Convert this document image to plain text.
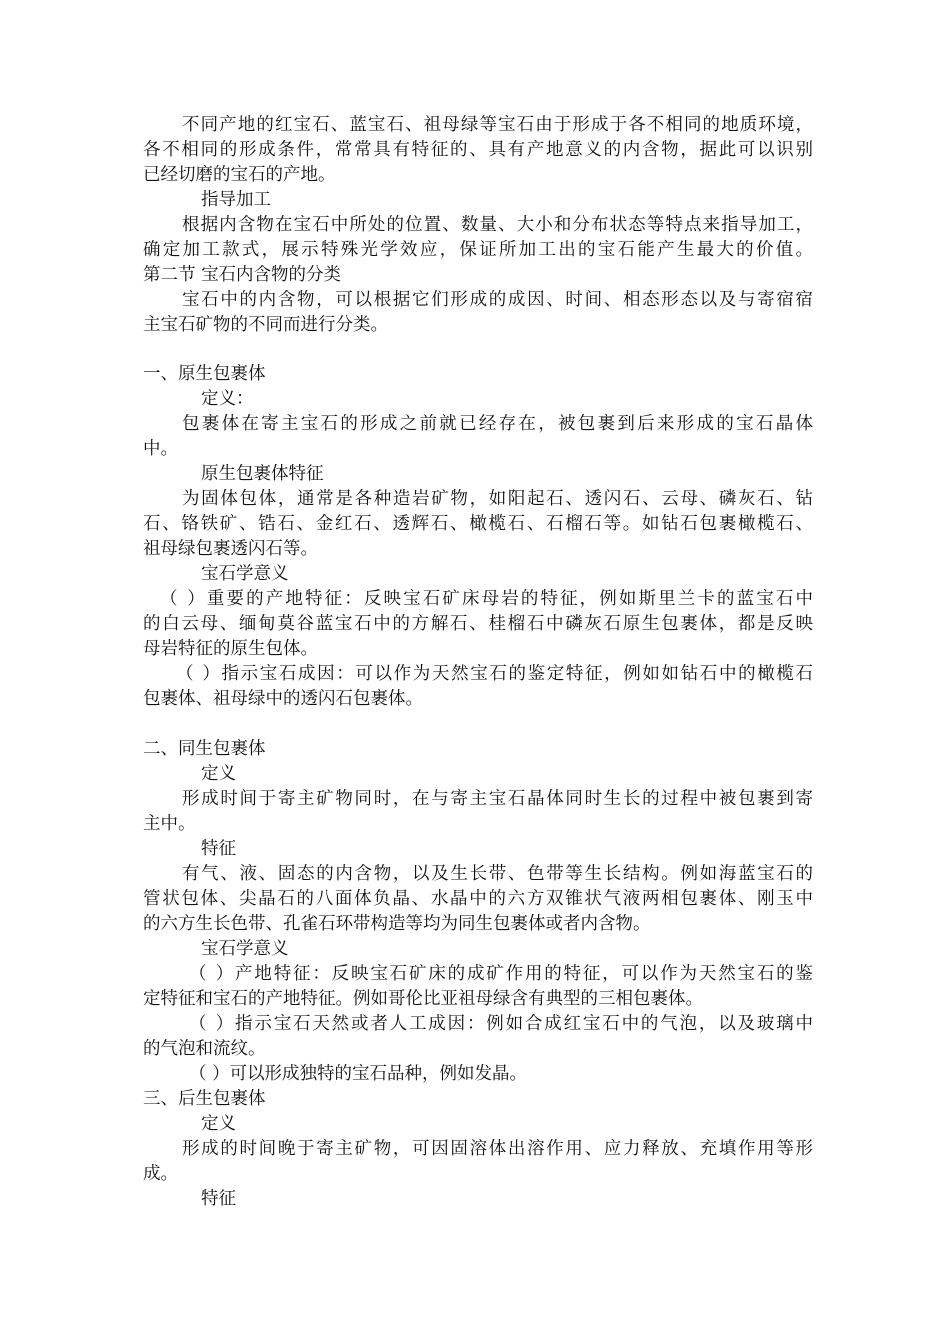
不同产地的红宝石、蓝宝石、祖母绿等宝石由于形成于各不相同的地质环境，
各不相同的形成条件，常常具有特征的、具有产地意义的内含物，据此可以识别
已经切磨的宝石的产地。
指导加工
根据内含物在宝石中所处的位置、数量、大小和分布状态等特点来指导加工，
确定加工款式，展示特殊光学效应，保证所加工出的宝石能产生最大的价值。
第二节 宝石内含物的分类
宝石中的内含物，可以根据它们形成的成因、时间、相态形态以及与寄宿宿
主宝石矿物的不同而进行分类。
一、原生包裹体
定义：
包裹体在寄主宝石的形成之前就已经存在，被包裹到后来形成的宝石晶体
中。
原生包裹体特征
为固体包体，通常是各种造岩矿物，如阳起石、透闪石、云母、磷灰石、钻
石、铬铁矿、锆石、金红石、透辉石、橄榄石、石榴石等。如钻石包裹橄榄石、
祖母绿包裹透闪石等。
宝石学意义
（ ）重要的产地特征：反映宝石矿床母岩的特征，例如斯里兰卡的蓝宝石中
的白云母、缅甸莫谷蓝宝石中的方解石、桂榴石中磷灰石原生包裹体，都是反映
母岩特征的原生包体。
（ ）指示宝石成因：可以作为天然宝石的鉴定特征，例如如钻石中的橄榄石
包裹体、祖母绿中的透闪石包裹体。
二、同生包裹体
定义
形成时间于寄主矿物同时，在与寄主宝石晶体同时生长的过程中被包裹到寄
主中。
特征
有气、液、固态的内含物，以及生长带、色带等生长结构。例如海蓝宝石的
管状包体、尖晶石的八面体负晶、水晶中的六方双锥状气液两相包裹体、刚玉中
的六方生长色带、孔雀石环带构造等均为同生包裹体或者内含物。
宝石学意义
（ ）产地特征：反映宝石矿床的成矿作用的特征，可以作为天然宝石的鉴
定特征和宝石的产地特征。例如哥伦比亚祖母绿含有典型的三相包裹体。
（ ）指示宝石天然或者人工成因：例如合成红宝石中的气泡，以及玻璃中
的气泡和流纹。
（ ）可以形成独特的宝石品种，例如发晶。
三、后生包裹体
定义
形成的时间晚于寄主矿物，可因固溶体出溶作用、应力释放、充填作用等形
成。
特征
